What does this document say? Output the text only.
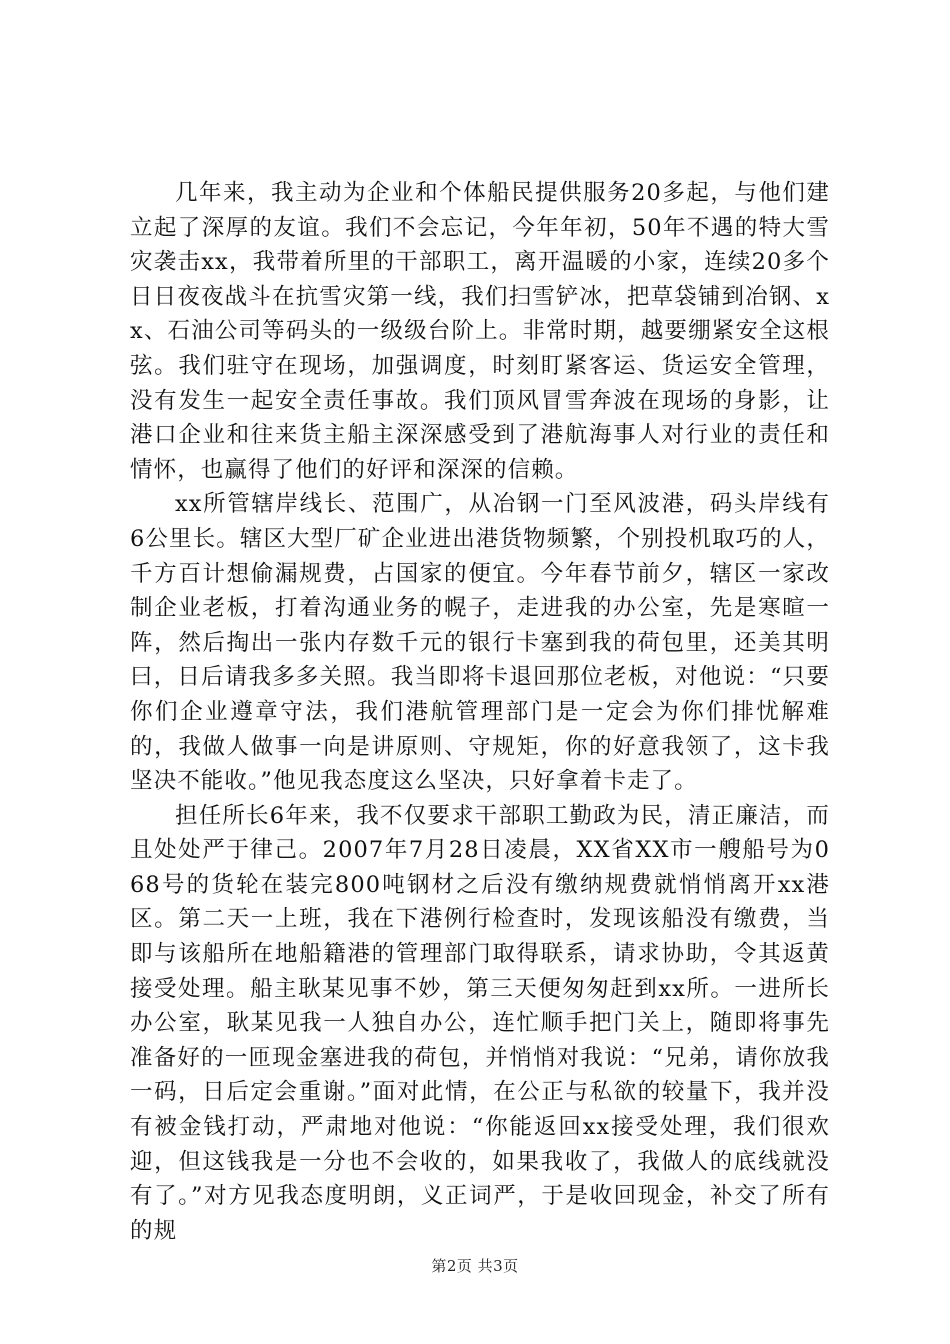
几年来，我主动为企业和个体船民提供服务20多起，与他们建立起了深厚的友谊。我们不会忘记，今年年初，50年不遇的特大雪灾袭击xx，我带着所里的干部职工，离开温暖的小家，连续20多个日日夜夜战斗在抗雪灾第一线，我们扫雪铲冰，把草袋铺到冶钢、xx、石油公司等码头的一级级台阶上。非常时期，越要绷紧安全这根弦。我们驻守在现场，加强调度，时刻盯紧客运、货运安全管理，没有发生一起安全责任事故。我们顶风冒雪奔波在现场的身影，让港口企业和往来货主船主深深感受到了港航海事人对行业的责任和情怀，也赢得了他们的好评和深深的信赖。

xx所管辖岸线长、范围广，从冶钢一门至风波港，码头岸线有6公里长。辖区大型厂矿企业进出港货物频繁，个别投机取巧的人，千方百计想偷漏规费，占国家的便宜。今年春节前夕，辖区一家改制企业老板，打着沟通业务的幌子，走进我的办公室，先是寒暄一阵，然后掏出一张内存数千元的银行卡塞到我的荷包里，还美其明曰，日后请我多多关照。我当即将卡退回那位老板，对他说：“只要你们企业遵章守法，我们港航管理部门是一定会为你们排忧解难的，我做人做事一向是讲原则、守规矩，你的好意我领了，这卡我坚决不能收。”他见我态度这么坚决，只好拿着卡走了。

担任所长6年来，我不仅要求干部职工勤政为民，清正廉洁，而且处处严于律己。2007年7月28日凌晨，XX省XX市一艘船号为068号的货轮在装完800吨钢材之后没有缴纳规费就悄悄离开xx港区。第二天一上班，我在下港例行检查时，发现该船没有缴费，当即与该船所在地船籍港的管理部门取得联系，请求协助，令其返黄接受处理。船主耿某见事不妙，第三天便匆匆赶到xx所。一进所长办公室，耿某见我一人独自办公，连忙顺手把门关上，随即将事先准备好的一匝现金塞进我的荷包，并悄悄对我说：“兄弟，请你放我一码，日后定会重谢。”面对此情，在公正与私欲的较量下，我并没有被金钱打动，严肃地对他说：“你能返回xx接受处理，我们很欢迎，但这钱我是一分也不会收的，如果我收了，我做人的底线就没有了。”对方见我态度明朗，义正词严，于是收回现金，补交了所有的规

第2页 共3页
